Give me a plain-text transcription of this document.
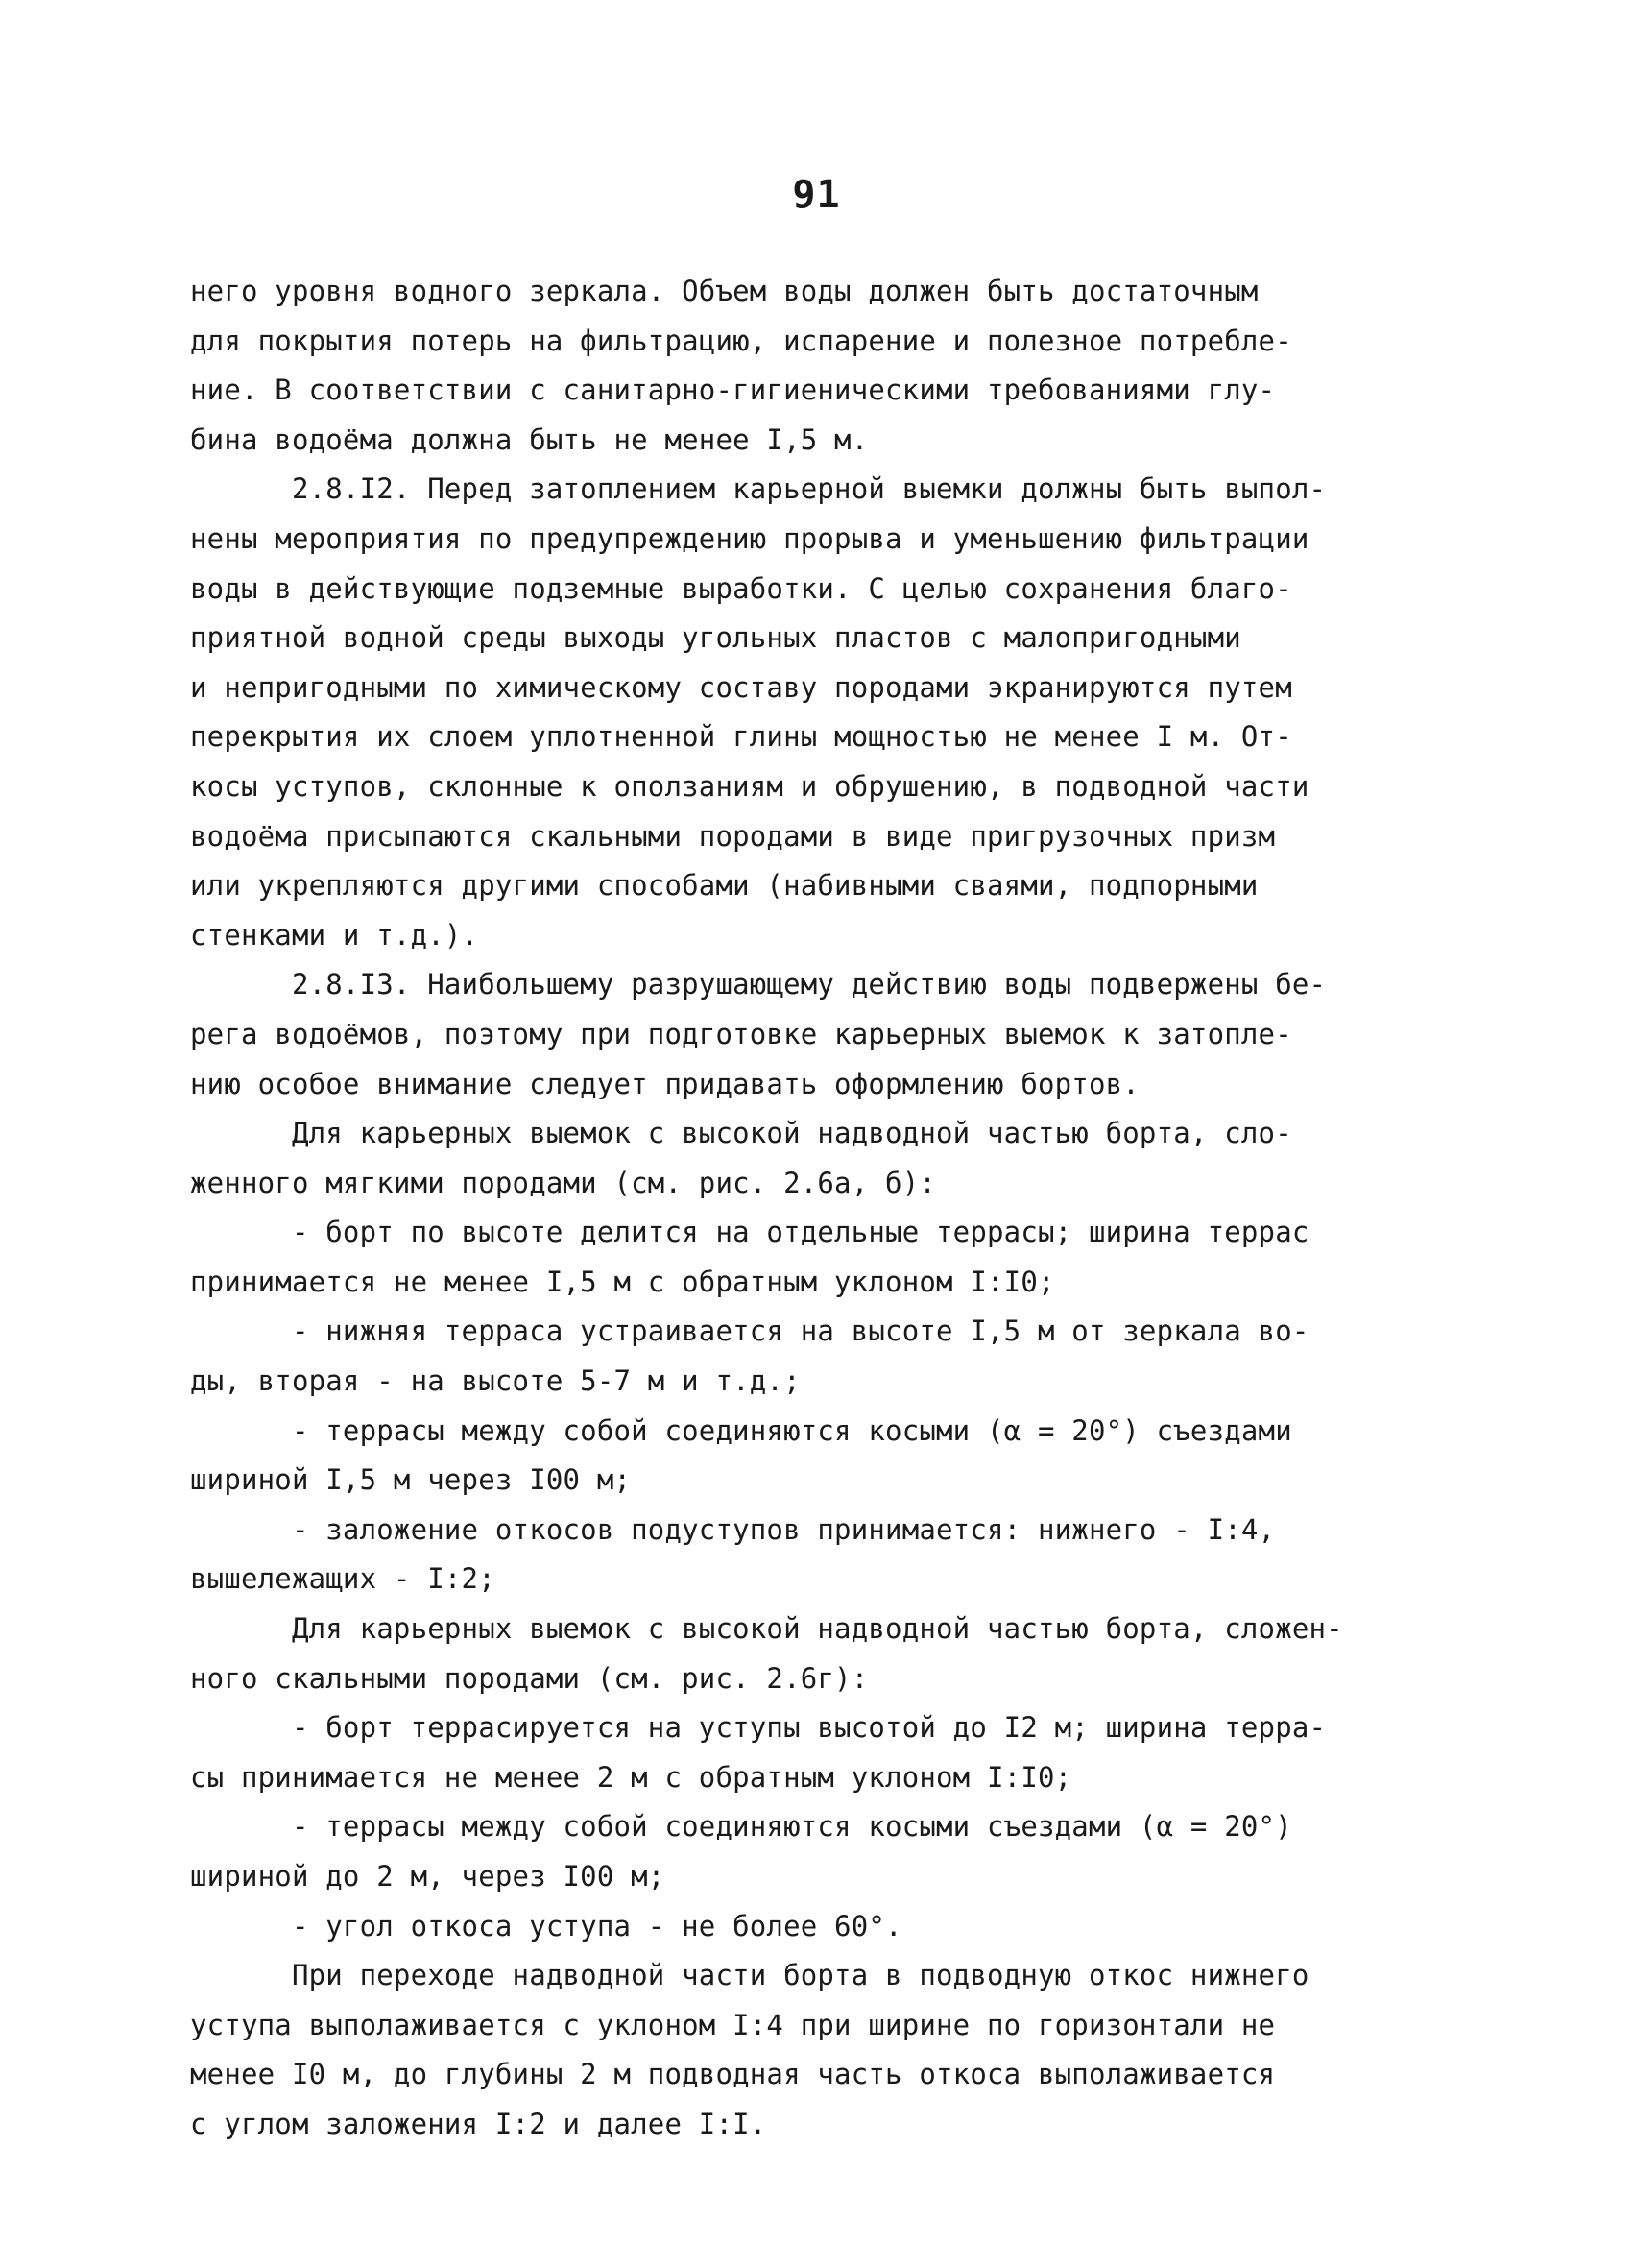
91
него уровня водного зеркала. Объем воды должен быть достаточным
для покрытия потерь на фильтрацию, испарение и полезное потребле-
ние. В соответствии с санитарно-гигиеническими требованиями глу-
бина водоёма должна быть не менее I,5 м.
2.8.I2. Перед затоплением карьерной выемки должны быть выпол-
нены мероприятия по предупреждению прорыва и уменьшению фильтрации
воды в действующие подземные выработки. С целью сохранения благо-
приятной водной среды выходы угольных пластов с малопригодными
и непригодными по химическому составу породами экранируются путем
перекрытия их слоем уплотненной глины мощностью не менее I м. От-
косы уступов, склонные к оползаниям и обрушению, в подводной части
водоёма присыпаются скальными породами в виде пригрузочных призм
или укрепляются другими способами (набивными сваями, подпорными
стенками и т.д.).
2.8.I3. Наибольшему разрушающему действию воды подвержены бе-
рега водоёмов, поэтому при подготовке карьерных выемок к затопле-
нию особое внимание следует придавать оформлению бортов.
Для карьерных выемок с высокой надводной частью борта, сло-
женного мягкими породами (см. рис. 2.6а, б):
- борт по высоте делится на отдельные террасы; ширина террас
принимается не менее I,5 м с обратным уклоном I:I0;
- нижняя терраса устраивается на высоте I,5 м от зеркала во-
ды, вторая - на высоте 5-7 м и т.д.;
- террасы между собой соединяются косыми (α = 20°) съездами
шириной I,5 м через I00 м;
- заложение откосов подуступов принимается: нижнего - I:4,
вышележащих - I:2;
Для карьерных выемок с высокой надводной частью борта, сложен-
ного скальными породами (см. рис. 2.6г):
- борт террасируется на уступы высотой до I2 м; ширина терра-
сы принимается не менее 2 м с обратным уклоном I:I0;
- террасы между собой соединяются косыми съездами (α = 20°)
шириной до 2 м, через I00 м;
- угол откоса уступа - не более 60°.
При переходе надводной части борта в подводную откос нижнего
уступа выполаживается с уклоном I:4 при ширине по горизонтали не
менее I0 м, до глубины 2 м подводная часть откоса выполаживается
с углом заложения I:2 и далее I:I.
